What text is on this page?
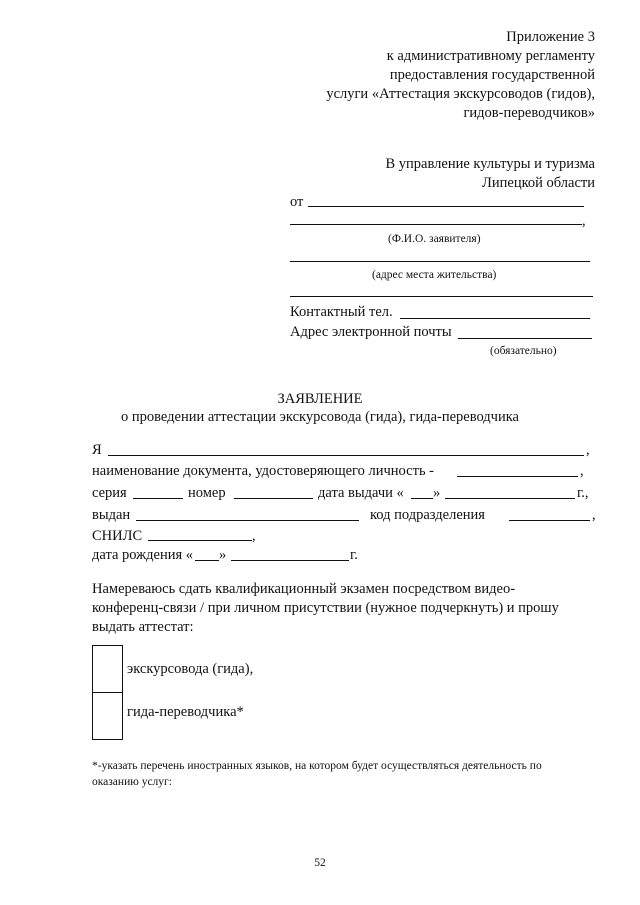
Приложение 3
к административному регламенту
предоставления государственной
услуги «Аттестация экскурсоводов (гидов),
гидов-переводчиков»
В управление культуры и туризма
Липецкой области
от
,
(Ф.И.О. заявителя)
(адрес места жительства)
Контактный тел.
Адрес электронной почты
(обязательно)
ЗАЯВЛЕНИЕ
о проведении аттестации экскурсовода (гида), гида-переводчика
Я	,
наименование документа, удостоверяющего личность -	,
серия	номер	дата выдачи « »	г.,
выдан	код подразделения	,
СНИЛС	,
дата рождения « »	г.
Намереваюсь сдать квалификационный экзамен посредством видео-
конференц-связи / при личном присутствии (нужное подчеркнуть) и прошу
выдать аттестат:
экскурсовода (гида),
гида-переводчика*
*-указать перечень иностранных языков, на котором будет осуществляться деятельность по
оказанию услуг:
52
